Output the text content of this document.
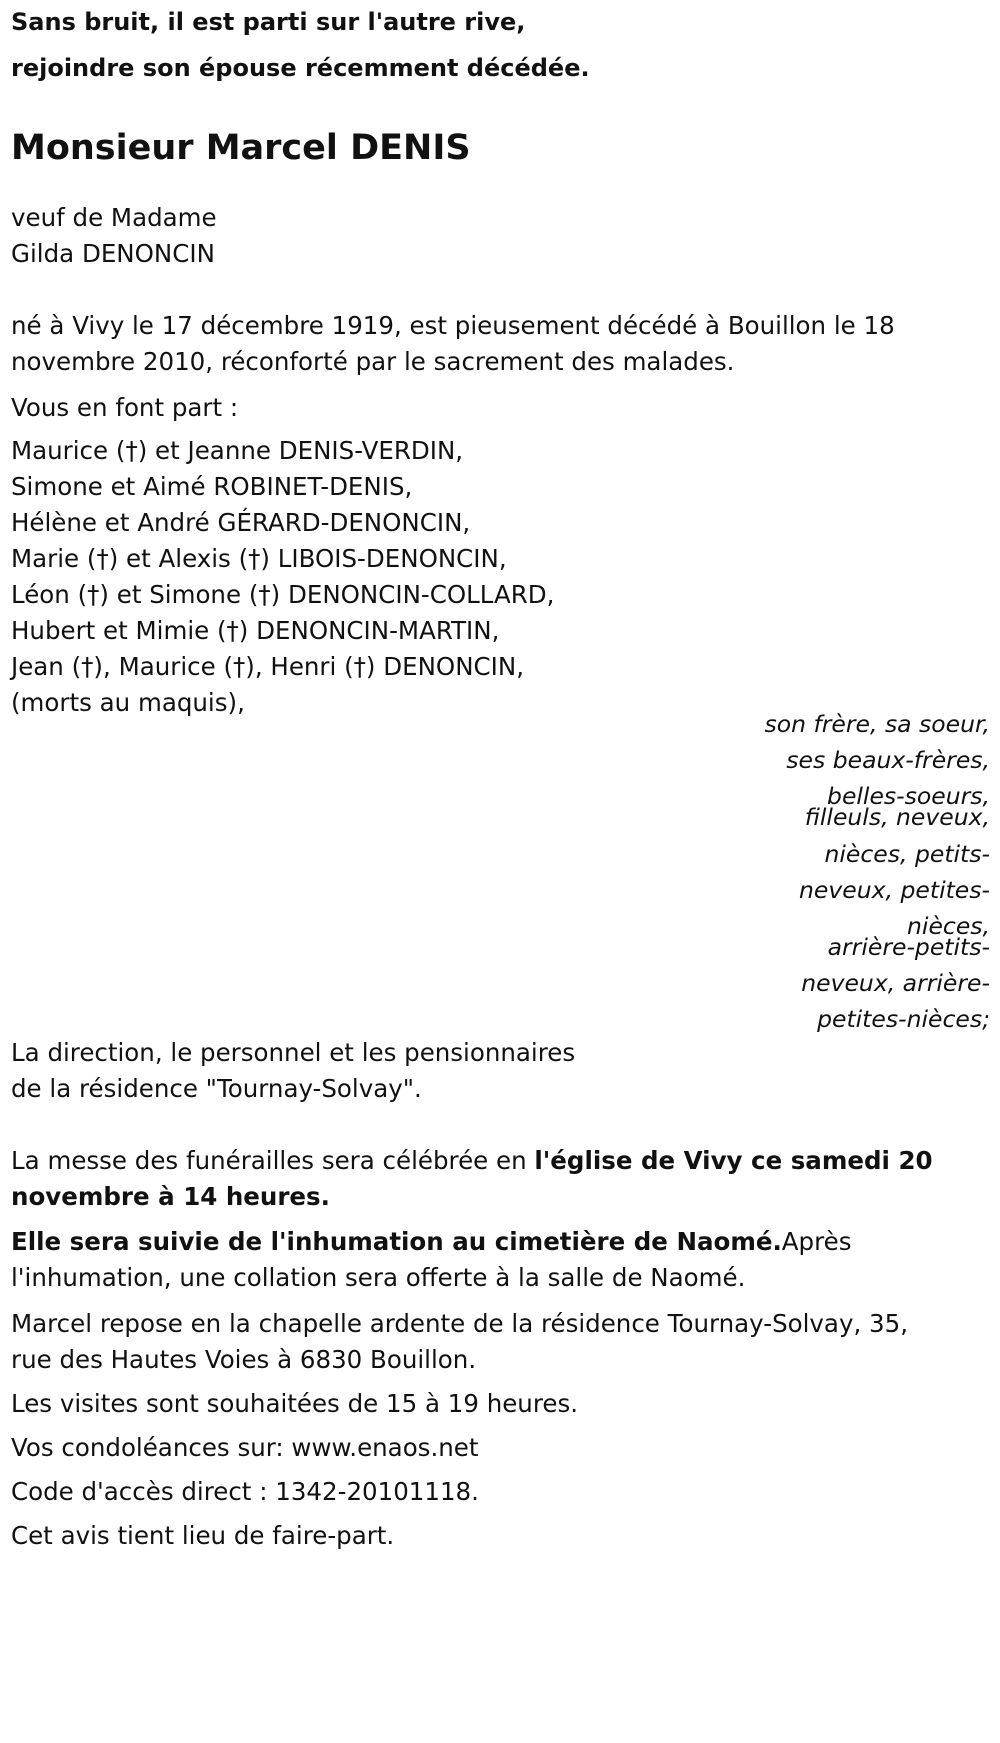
Sans bruit, il est parti sur l'autre rive,
rejoindre son épouse récemment décédée.
Monsieur Marcel DENIS
veuf de Madame
Gilda DENONCIN
né à Vivy le 17 décembre 1919, est pieusement décédé à Bouillon le 18
novembre 2010, réconforté par le sacrement des malades.
Vous en font part :
Maurice (†) et Jeanne DENIS-VERDIN,
Simone et Aimé ROBINET-DENIS,
Hélène et André GÉRARD-DENONCIN,
Marie (†) et Alexis (†) LIBOIS-DENONCIN,
Léon (†) et Simone (†) DENONCIN-COLLARD,
Hubert et Mimie (†) DENONCIN-MARTIN,
Jean (†), Maurice (†), Henri (†) DENONCIN,
(morts au maquis),
son frère, sa soeur,
ses beaux-frères,
belles-soeurs,
filleuls, neveux,
nièces, petits-
neveux, petites-
nièces,
arrière-petits-
neveux, arrière-
petites-nièces;
La direction, le personnel et les pensionnaires
de la résidence "Tournay-Solvay".
La messe des funérailles sera célébrée en l'église de Vivy ce samedi 20
novembre à 14 heures.
Elle sera suivie de l'inhumation au cimetière de Naomé.Après
l'inhumation, une collation sera offerte à la salle de Naomé.
Marcel repose en la chapelle ardente de la résidence Tournay-Solvay, 35,
rue des Hautes Voies à 6830 Bouillon.
Les visites sont souhaitées de 15 à 19 heures.
Vos condoléances sur: www.enaos.net
Code d'accès direct : 1342-20101118.
Cet avis tient lieu de faire-part.
